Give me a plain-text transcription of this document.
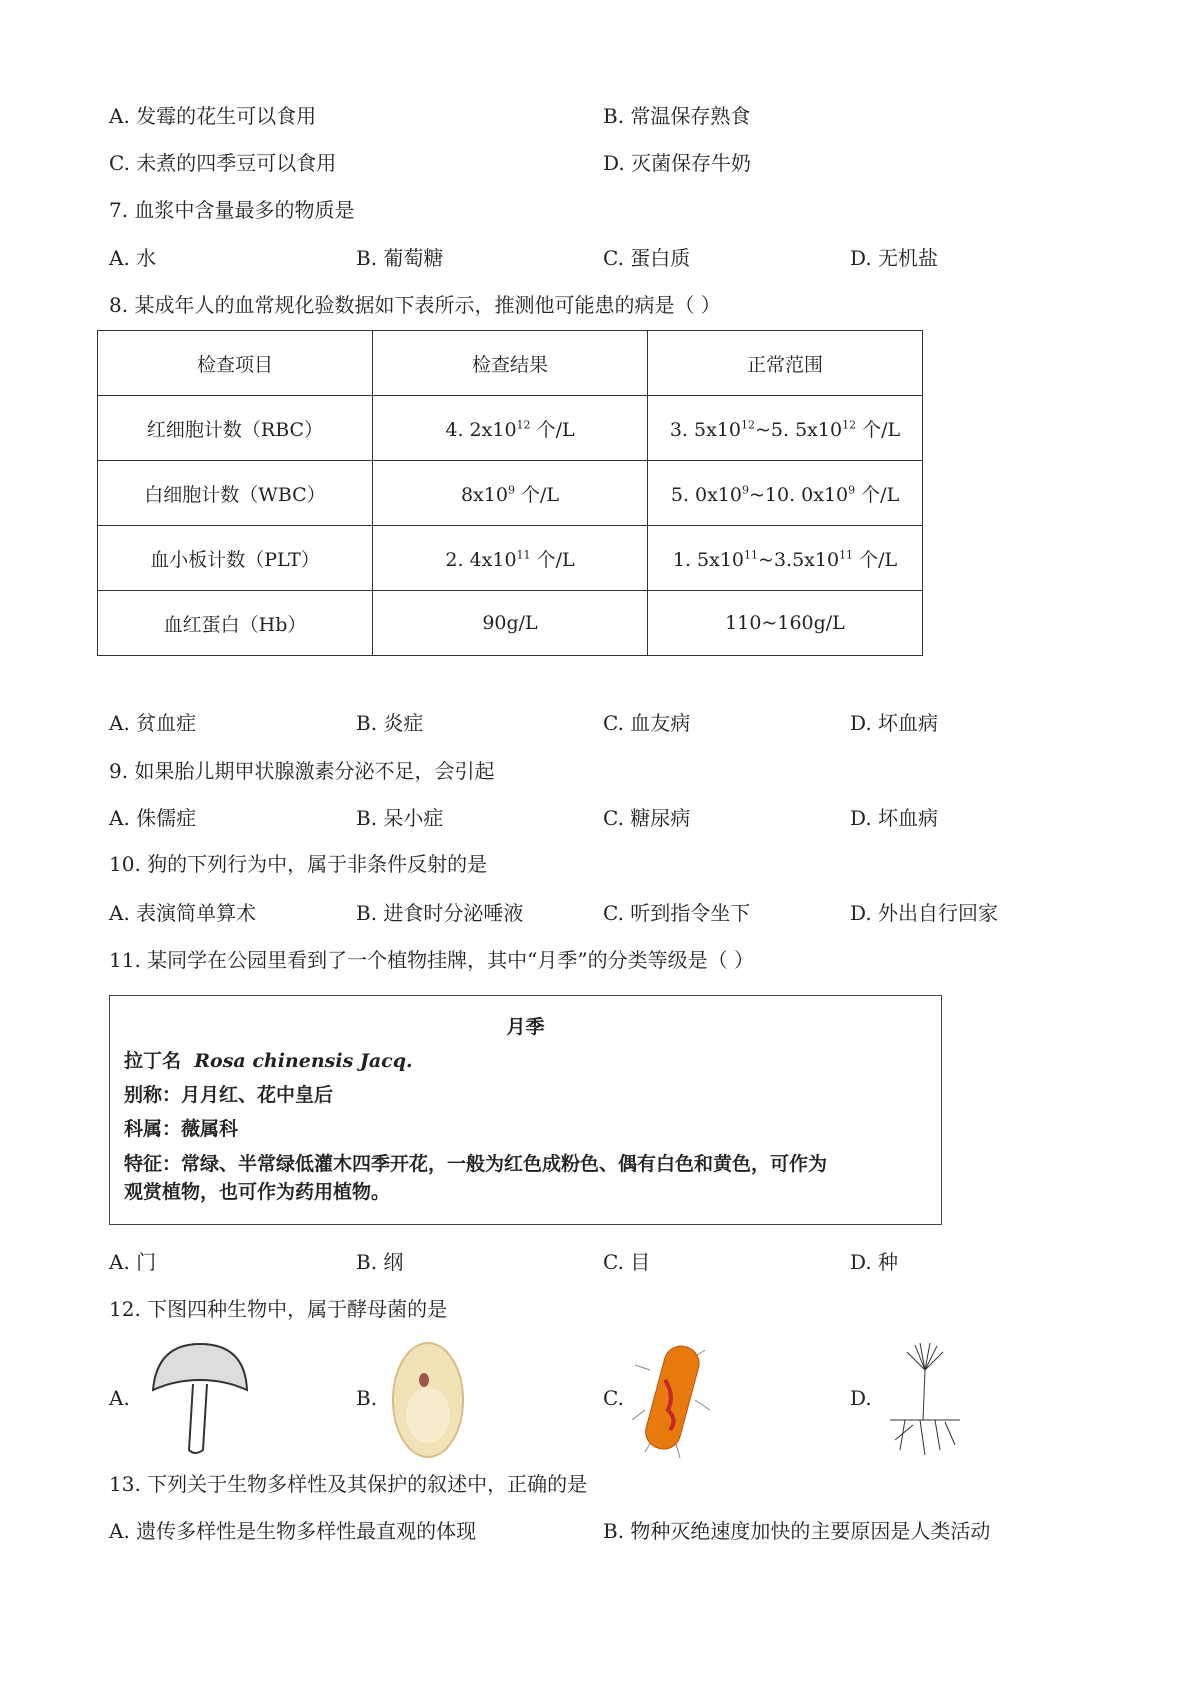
A. 发霉的花生可以食用	B. 常温保存熟食
C. 未煮的四季豆可以食用	D. 灭菌保存牛奶
7. 血浆中含量最多的物质是
A. 水	B. 葡萄糖	C. 蛋白质	D. 无机盐
8. 某成年人的血常规化验数据如下表所示，推测他可能患的病是（ ）
检查项目	检查结果	正常范围
红细胞计数（RBC）	4. $2x10^{12}$ 个/L	3. $5x10^{12}\sim 5$. $5x10^{12}$ 个/L
白细胞计数（WBC）	$8x10^9$ 个/L	5. $0x10^9\sim 10$. $0x10^9$ 个/L
血小板计数（PLT）	2. $4x10^{11}$ 个/L	1. $5x10^{11}\sim 3.5x10^{11}$ 个/L
血红蛋白（Hb）	90g/L	110~160g/L
A. 贫血症	B. 炎症	C. 血友病	D. 坏血病
9. 如果胎儿期甲状腺激素分泌不足，会引起
A. 侏儒症	B. 呆小症	C. 糖尿病	D. 坏血病
10. 狗的下列行为中，属于非条件反射的是
A. 表演简单算术	B. 进食时分泌唾液	C. 听到指令坐下	D. 外出自行回家
11. 某同学在公园里看到了一个植物挂牌，其中“月季”的分类等级是（ ）
月季
拉丁名 Rosa chinensis Jacq.
别称：月月红、花中皇后
科属：薇属科
特征：常绿、半常绿低灌木四季开花，一般为红色成粉色、偶有白色和黄色，可作为
观赏植物，也可作为药用植物。
A. 门	B. 纲	C. 目	D. 种
12. 下图四种生物中，属于酵母菌的是
A.	B.	C.	D.
13. 下列关于生物多样性及其保护的叙述中，正确的是
A. 遗传多样性是生物多样性最直观的体现	B. 物种灭绝速度加快的主要原因是人类活动
